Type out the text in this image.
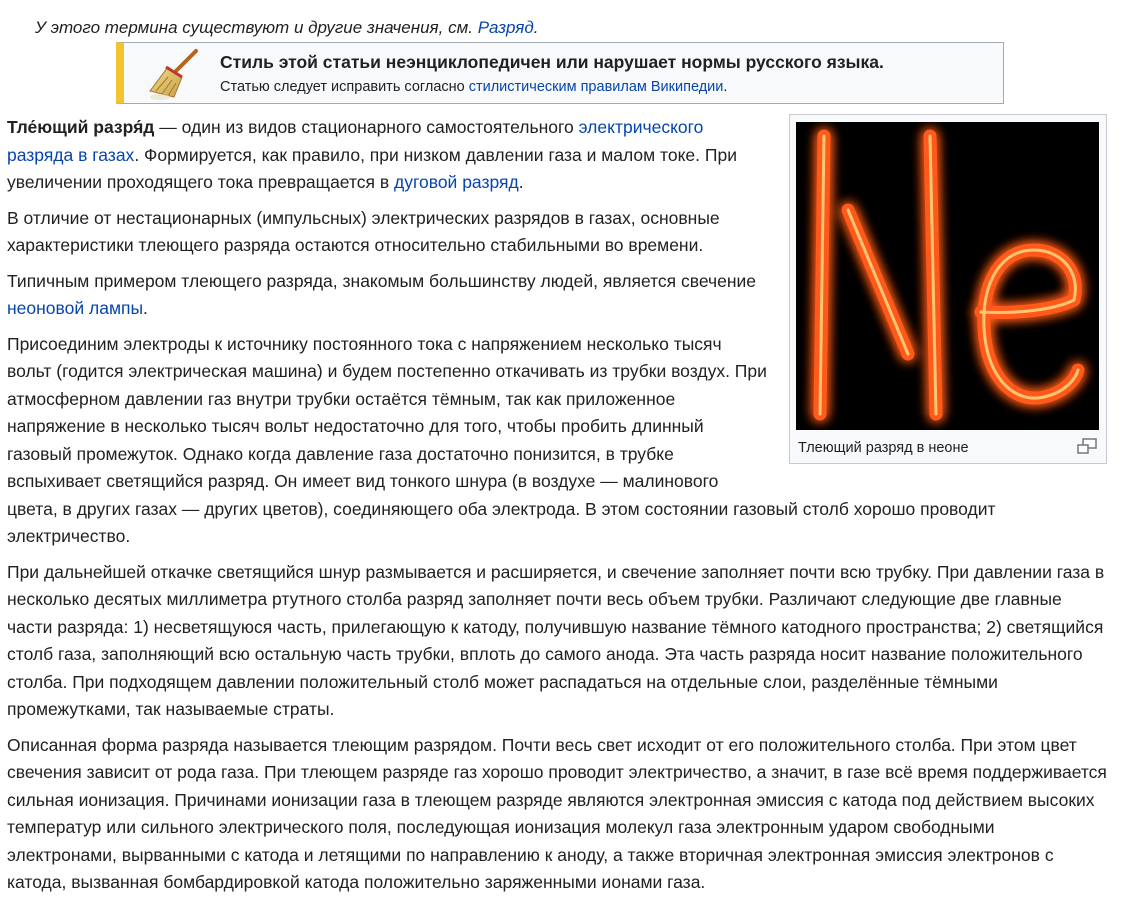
У этого термина существуют и другие значения, см. Разряд.
Стиль этой статьи неэнциклопедичен или нарушает нормы русского языка.
Статью следует исправить согласно стилистическим правилам Википедии.
Тлеющий разряд в неоне

Тле́ющий разря́д — один из видов стационарного самостоятельного электрического разряда в газах. Формируется, как правило, при низком давлении газа и малом токе. При увеличении проходящего тока превращается в дуговой разряд.

В отличие от нестационарных (импульсных) электрических разрядов в газах, основные характеристики тлеющего разряда остаются относительно стабильными во времени.

Типичным примером тлеющего разряда, знакомым большинству людей, является свечение неоновой лампы.

Присоединим электроды к источнику постоянного тока с напряжением несколько тысяч вольт (годится электрическая машина) и будем постепенно откачивать из трубки воздух. При атмосферном давлении газ внутри трубки остаётся тёмным, так как приложенное напряжение в несколько тысяч вольт недостаточно для того, чтобы пробить длинный газовый промежуток. Однако когда давление газа достаточно понизится, в трубке вспыхивает светящийся разряд. Он имеет вид тонкого шнура (в воздухе — малинового цвета, в других газах — других цветов), соединяющего оба электрода. В этом состоянии газовый столб хорошо проводит электричество.

При дальнейшей откачке светящийся шнур размывается и расширяется, и свечение заполняет почти всю трубку. При давлении газа в несколько десятых миллиметра ртутного столба разряд заполняет почти весь объем трубки. Различают следующие две главные части разряда: 1) несветящуюся часть, прилегающую к катоду, получившую название тёмного катодного пространства; 2) светящийся столб газа, заполняющий всю остальную часть трубки, вплоть до самого анода. Эта часть разряда носит название положительного столба. При подходящем давлении положительный столб может распадаться на отдельные слои, разделённые тёмными промежутками, так называемые страты.

Описанная форма разряда называется тлеющим разрядом. Почти весь свет исходит от его положительного столба. При этом цвет свечения зависит от рода газа. При тлеющем разряде газ хорошо проводит электричество, а значит, в газе всё время поддерживается сильная ионизация. Причинами ионизации газа в тлеющем разряде являются электронная эмиссия с катода под действием высоких температур или сильного электрического поля, последующая ионизация молекул газа электронным ударом свободными электронами, вырванными с катода и летящими по направлению к аноду, а также вторичная электронная эмиссия электронов с катода, вызванная бомбардировкой катода положительно заряженными ионами газа.
